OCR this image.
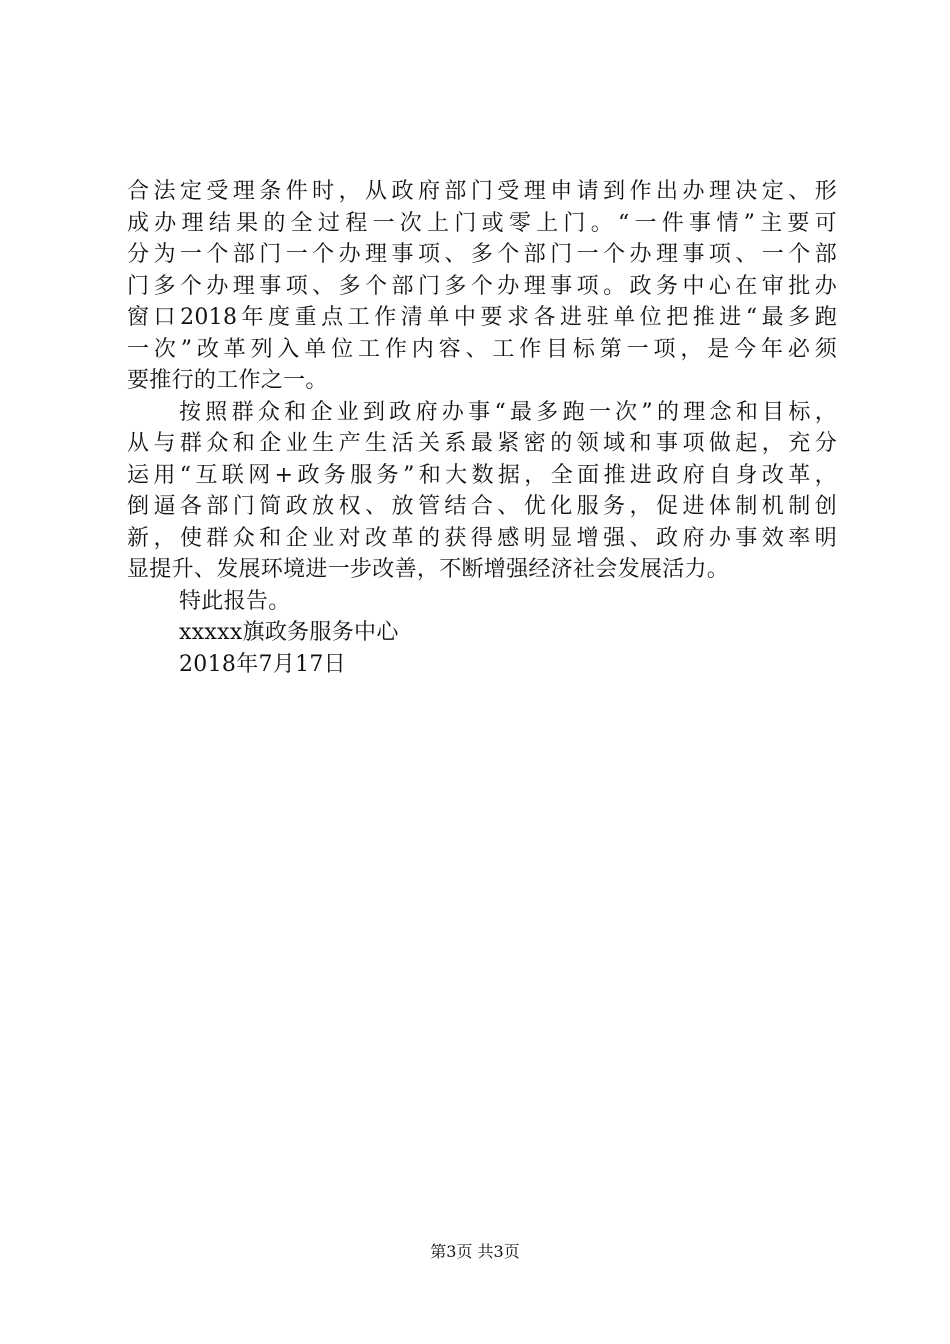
合法定受理条件时，从政府部门受理申请到作出办理决定、形
成办理结果的全过程一次上门或零上门。“一件事情”主要可
分为一个部门一个办理事项、多个部门一个办理事项、一个部
门多个办理事项、多个部门多个办理事项。政务中心在审批办
窗口2018年度重点工作清单中要求各进驻单位把推进“最多跑
一次”改革列入单位工作内容、工作目标第一项，是今年必须
要推行的工作之一。
按照群众和企业到政府办事“最多跑一次”的理念和目标，
从与群众和企业生产生活关系最紧密的领域和事项做起，充分
运用“互联网+政务服务”和大数据，全面推进政府自身改革，
倒逼各部门简政放权、放管结合、优化服务，促进体制机制创
新，使群众和企业对改革的获得感明显增强、政府办事效率明
显提升、发展环境进一步改善，不断增强经济社会发展活力。
特此报告。
xxxxx旗政务服务中心
2018年7月17日
第3页 共3页
